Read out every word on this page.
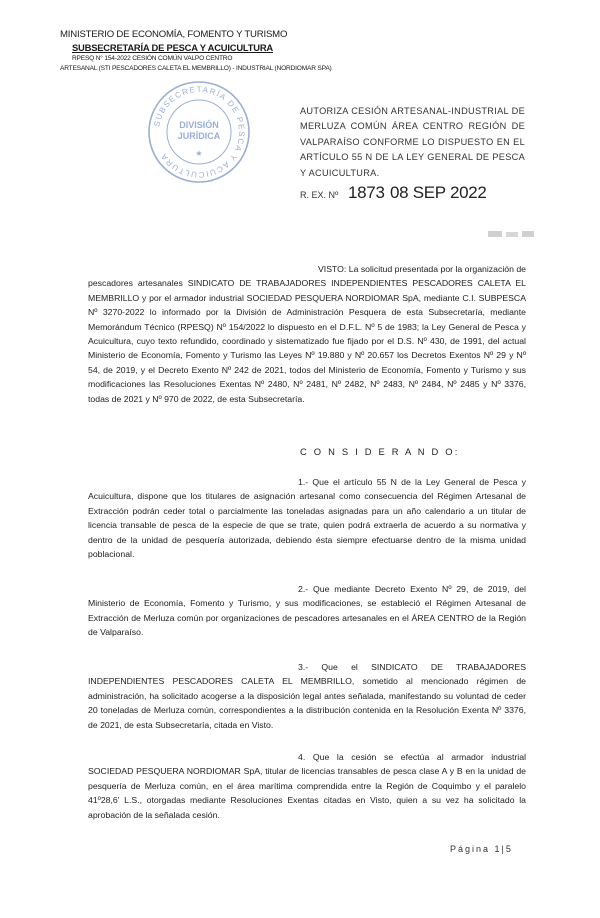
MINISTERIO DE ECONOMÍA, FOMENTO Y TURISMO
SUBSECRETARÍA DE PESCA Y ACUICULTURA
RPESQ N° 154-2022 CESIÓN COMÚN VALPO CENTRO
ARTESANAL (STI PESCADORES CALETA EL MEMBRILLO) - INDUSTRIAL (NORDIOMAR SPA)
SUBSECRETARÍA DE PESCA Y ACUICULTURA
DIVISIÓN
JURÍDICA
★
AUTORIZA CESIÓN ARTESANAL-INDUSTRIAL DE MERLUZA COMÚN ÁREA CENTRO REGIÓN DE VALPARAÍSO CONFORME LO DISPUESTO EN EL ARTÍCULO 55 N DE LA LEY GENERAL DE PESCA Y ACUICULTURA.
R. EX. Nº 1873 08 SEP 2022

VISTO: La solicitud presentada por la organización de pescadores artesanales SINDICATO DE TRABAJADORES INDEPENDIENTES PESCADORES CALETA EL MEMBRILLO y por el armador industrial SOCIEDAD PESQUERA NORDIOMAR SpA, mediante C.I. SUBPESCA Nº 3270-2022 lo informado por la División de Administración Pesquera de esta Subsecretaría, mediante Memorándum Técnico (RPESQ) Nº 154/2022 lo dispuesto en el D.F.L. Nº 5 de 1983; la Ley General de Pesca y Acuicultura, cuyo texto refundido, coordinado y sistematizado fue fijado por el D.S. Nº 430, de 1991, del actual Ministerio de Economía, Fomento y Turismo las Leyes Nº 19.880 y Nº 20.657 los Decretos Exentos Nº 29 y Nº 54, de 2019, y el Decreto Exento Nº 242 de 2021, todos del Ministerio de Economía, Fomento y Turismo y sus modificaciones las Resoluciones Exentas Nº 2480, Nº 2481, Nº 2482, Nº 2483, Nº 2484, Nº 2485 y Nº 3376, todas de 2021 y Nº 970 de 2022, de esta Subsecretaría.

C O N S I D E R A N D O:

1.- Que el artículo 55 N de la Ley General de Pesca y Acuicultura, dispone que los titulares de asignación artesanal como consecuencia del Régimen Artesanal de Extracción podrán ceder total o parcialmente las toneladas asignadas para un año calendario a un titular de licencia transable de pesca de la especie de que se trate, quien podrá extraerla de acuerdo a su normativa y dentro de la unidad de pesquería autorizada, debiendo ésta siempre efectuarse dentro de la misma unidad poblacional.

2.- Que mediante Decreto Exento Nº 29, de 2019, del Ministerio de Economía, Fomento y Turismo, y sus modificaciones, se estableció el Régimen Artesanal de Extracción de Merluza común por organizaciones de pescadores artesanales en el ÁREA CENTRO de la Región de Valparaíso.

3.- Que el SINDICATO DE TRABAJADORES INDEPENDIENTES PESCADORES CALETA EL MEMBRILLO, sometido al mencionado régimen de administración, ha solicitado acogerse a la disposición legal antes señalada, manifestando su voluntad de ceder 20 toneladas de Merluza común, correspondientes a la distribución contenida en la Resolución Exenta Nº 3376, de 2021, de esta Subsecretaría, citada en Visto.

4. Que la cesión se efectúa al armador industrial SOCIEDAD PESQUERA NORDIOMAR SpA, titular de licencias transables de pesca clase A y B en la unidad de pesquería de Merluza común, en el área marítima comprendida entre la Región de Coquimbo y el paralelo 41º28,6' L.S., otorgadas mediante Resoluciones Exentas citadas en Visto, quien a su vez ha solicitado la aprobación de la señalada cesión.

Página 1|5
